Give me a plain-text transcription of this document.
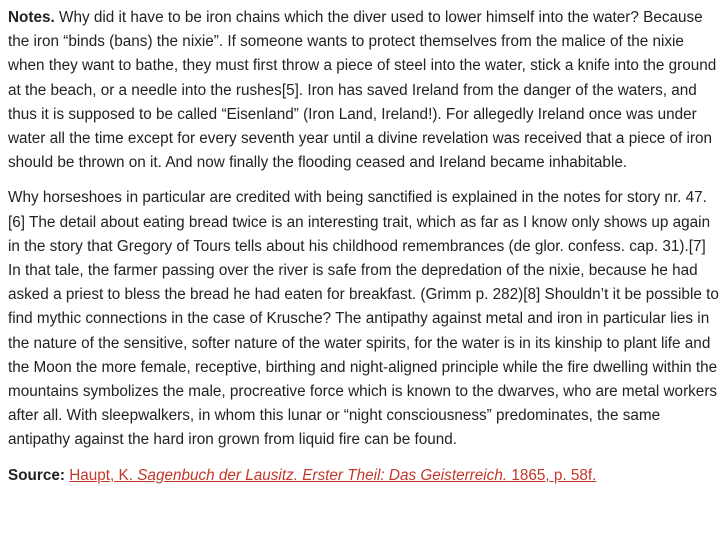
Notes. Why did it have to be iron chains which the diver used to lower himself into the water? Because the iron “binds (bans) the nixie”. If someone wants to protect themselves from the malice of the nixie when they want to bathe, they must first throw a piece of steel into the water, stick a knife into the ground at the beach, or a needle into the rushes[5]. Iron has saved Ireland from the danger of the waters, and thus it is supposed to be called “Eisenland” (Iron Land, Ireland!). For allegedly Ireland once was under water all the time except for every seventh year until a divine revelation was received that a piece of iron should be thrown on it. And now finally the flooding ceased and Ireland became inhabitable.

Why horseshoes in particular are credited with being sanctified is explained in the notes for story nr. 47.[6] The detail about eating bread twice is an interesting trait, which as far as I know only shows up again in the story that Gregory of Tours tells about his childhood remembrances (de glor. confess. cap. 31).[7] In that tale, the farmer passing over the river is safe from the depredation of the nixie, because he had asked a priest to bless the bread he had eaten for breakfast. (Grimm p. 282)[8] Shouldn’t it be possible to find mythic connections in the case of Krusche? The antipathy against metal and iron in particular lies in the nature of the sensitive, softer nature of the water spirits, for the water is in its kinship to plant life and the Moon the more female, receptive, birthing and night-aligned principle while the fire dwelling within the mountains symbolizes the male, procreative force which is known to the dwarves, who are metal workers after all. With sleepwalkers, in whom this lunar or “night consciousness” predominates, the same antipathy against the hard iron grown from liquid fire can be found.

Source: Haupt, K. Sagenbuch der Lausitz. Erster Theil: Das Geisterreich. 1865, p. 58f.
